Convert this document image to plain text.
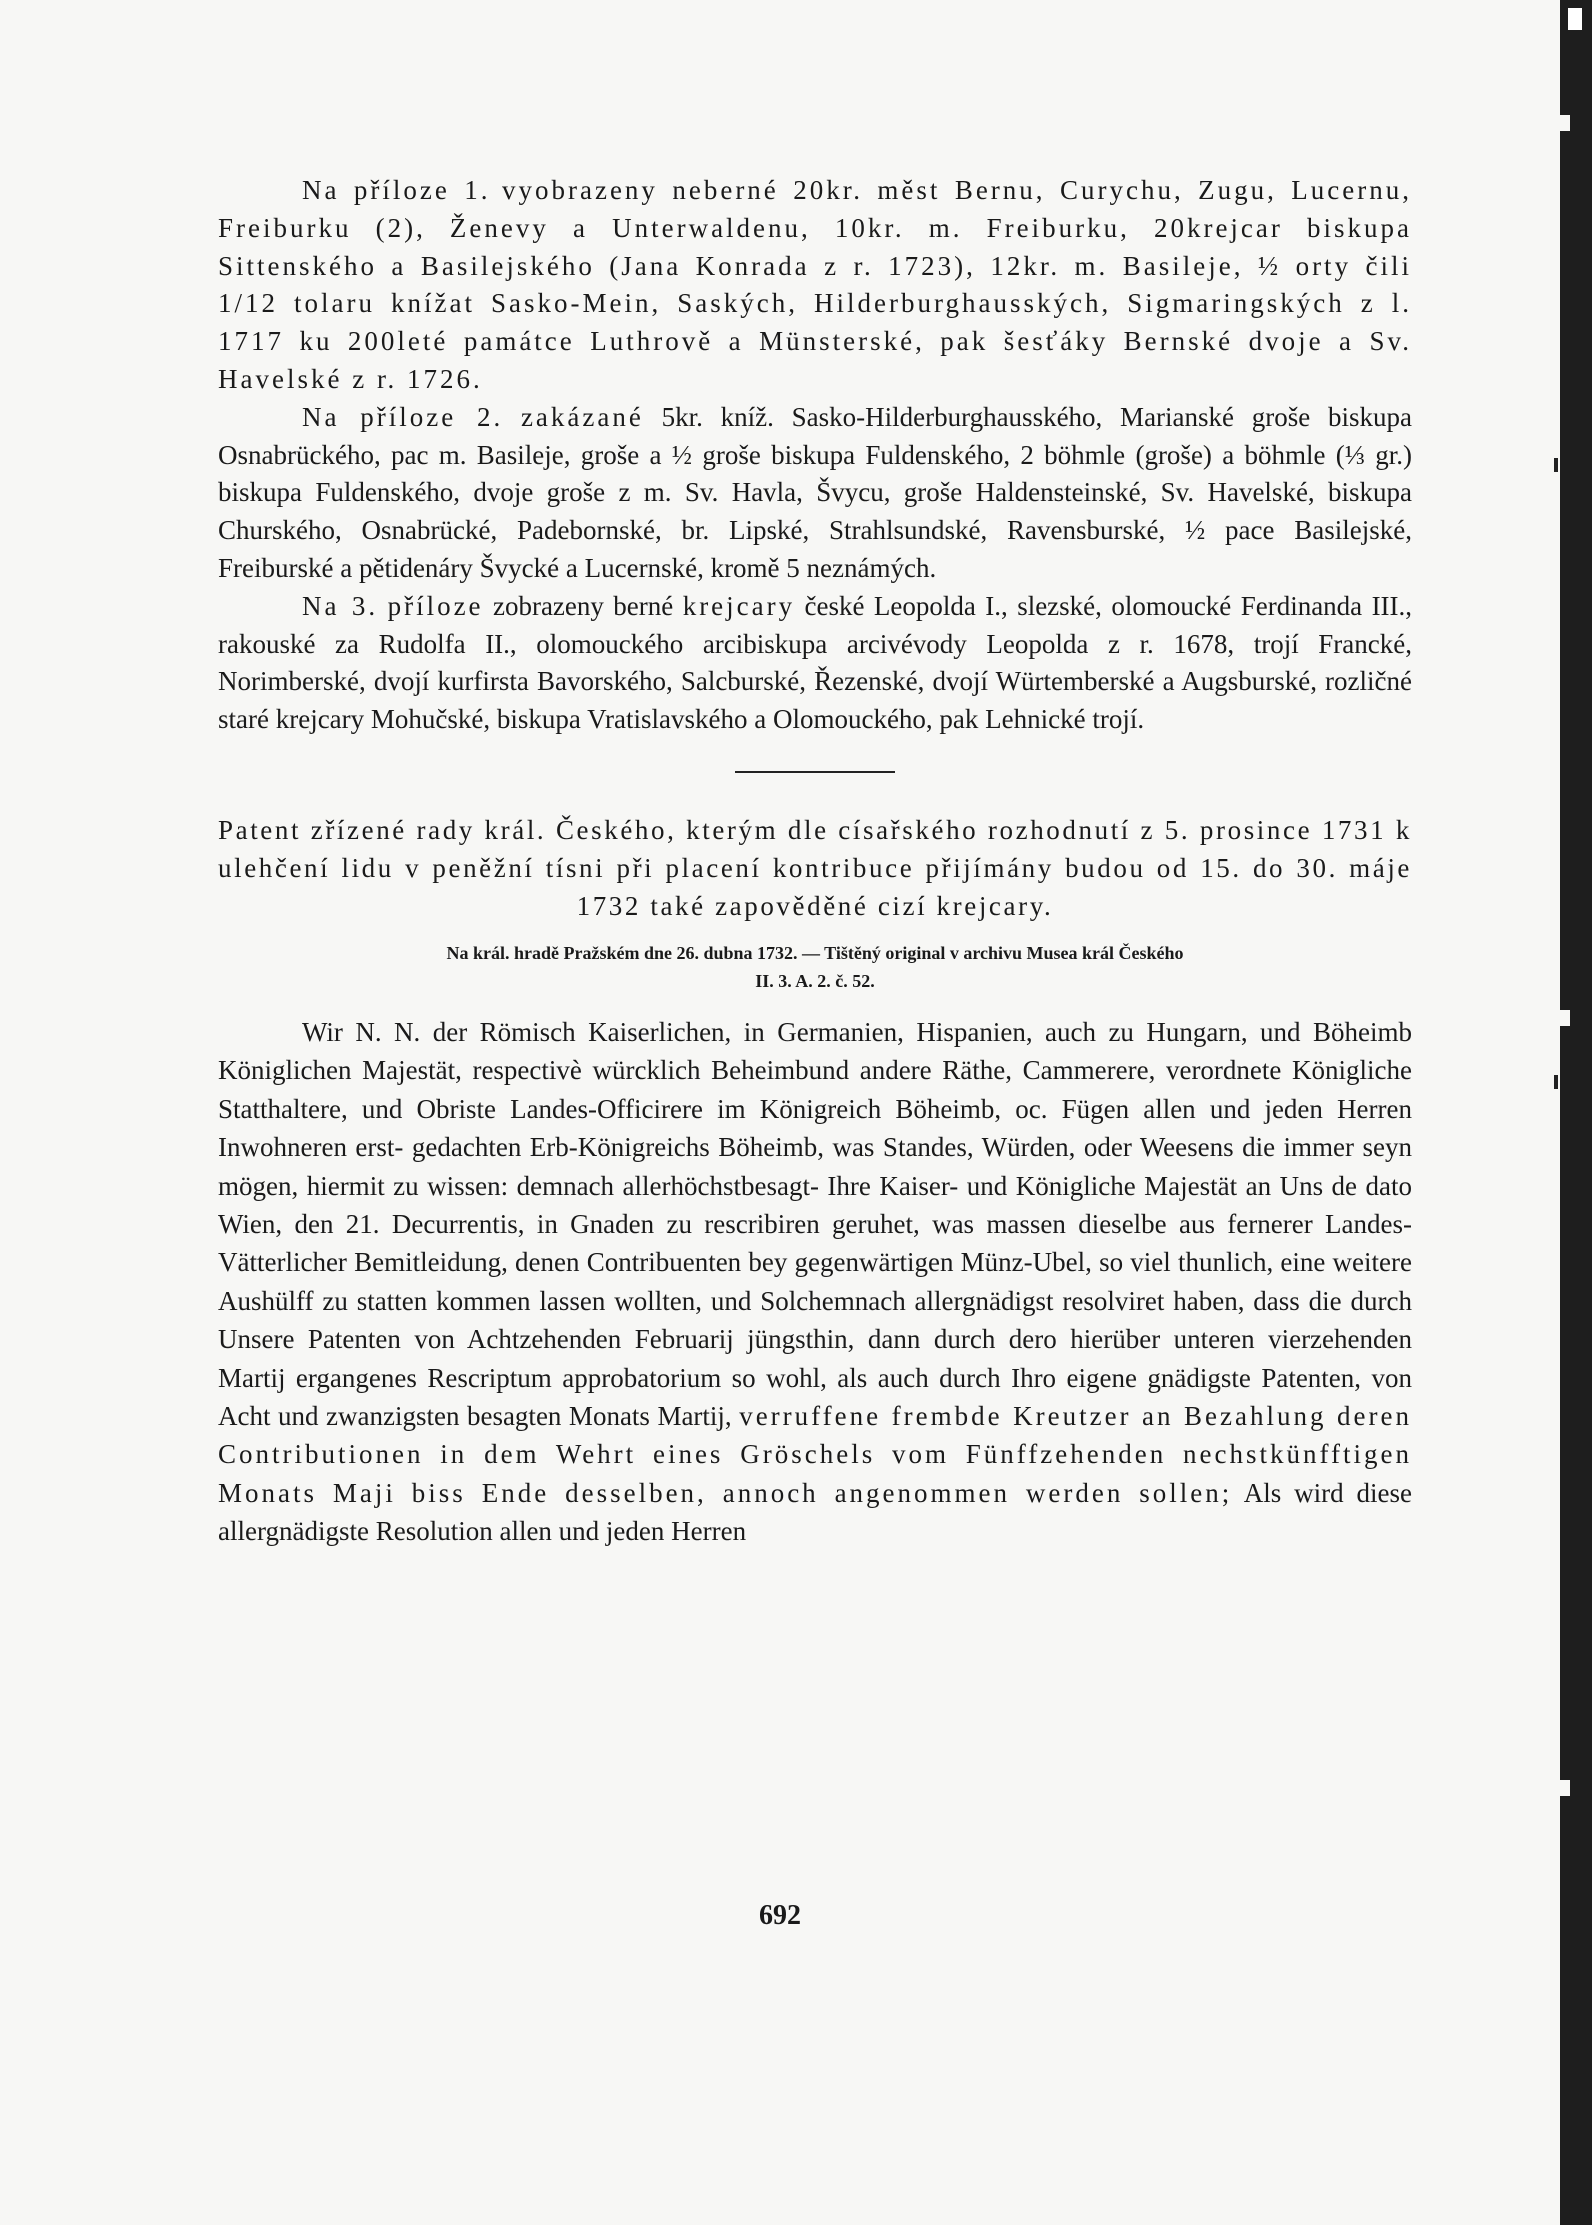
Na příloze 1. vyobrazeny neberné 20kr. měst Bernu, Curychu, Zugu, Lucernu, Freiburku (2), Ženevy a Unterwaldenu, 10kr. m. Freiburku, 20krejcar biskupa Sittenského a Basilejského (Jana Konrada z r. 1723), 12kr. m. Basileje, ½ orty čili 1/12 tolaru knížat Sasko-Mein, Saských, Hilderburghausských, Sigmaringských z l. 1717 ku 200leté památce Luthrově a Münsterské, pak šesťáky Bernské dvoje a Sv. Havelské z r. 1726.

Na příloze 2. zakázané 5kr. kníž. Sasko-Hilderburghausského, Marianské groše biskupa Osnabrückého, pac m. Basileje, groše a ½ groše biskupa Fuldenského, 2 böhmle (groše) a böhmle (⅓ gr.) biskupa Fuldenského, dvoje groše z m. Sv. Havla, Švycu, groše Haldensteinské, Sv. Havelské, biskupa Churského, Osnabrücké, Padebornské, br. Lipské, Strahlsundské, Ravensburské, ½ pace Basilejské, Freiburské a pětidenáry Švycké a Lucernské, kromě 5 neznámých.

Na 3. příloze zobrazeny berné krejcary české Leopolda I., slezské, olomoucké Ferdinanda III., rakouské za Rudolfa II., olomouckého arcibiskupa arcivévody Leopolda z r. 1678, trojí Francké, Norimberské, dvojí kurfirsta Bavorského, Salcburské, Řezenské, dvojí Würtemberské a Augsburské, rozličné staré krejcary Mohučské, biskupa Vratislavského a Olomouckého, pak Lehnické trojí.

Patent zřízené rady král. Českého, kterým dle císařského rozhodnutí z 5. prosince 1731 k ulehčení lidu v peněžní tísni při placení kontribuce přijímány budou od 15. do 30. máje 1732 také zapověděné cizí krejcary.

Na král. hradě Pražském dne 26. dubna 1732. — Tištěný original v archivu Musea král Českého
II. 3. A. 2. č. 52.

Wir N. N. der Römisch Kaiserlichen, in Germanien, Hispanien, auch zu Hungarn, und Böheimb Königlichen Majestät, respectivè würcklich Beheimbund andere Räthe, Cammerere, verordnete Königliche Statthaltere, und Obriste Landes-Officirere im Königreich Böheimb, oc. Fügen allen und jeden Herren Inwohneren erst- gedachten Erb-Königreichs Böheimb, was Standes, Würden, oder Weesens die immer seyn mögen, hiermit zu wissen: demnach allerhöchstbesagt- Ihre Kaiser- und Königliche Majestät an Uns de dato Wien, den 21. Decurrentis, in Gnaden zu rescribiren geruhet, was massen dieselbe aus fernerer Landes-Vätterlicher Bemitleidung, denen Contribuenten bey gegenwärtigen Münz-Ubel, so viel thunlich, eine weitere Aushülff zu statten kommen lassen wollten, und Solchemnach allergnädigst resolviret haben, dass die durch Unsere Patenten von Achtzehenden Februarij jüngsthin, dann durch dero hierüber unteren vierzehenden Martij ergangenes Rescriptum approbatorium so wohl, als auch durch Ihro eigene gnädigste Patenten, von Acht und zwanzigsten besagten Monats Martij, verruffene frembde Kreutzer an Bezahlung deren Contributionen in dem Wehrt eines Gröschels vom Fünffzehenden nechstkünfftigen Monats Maji biss Ende desselben, annoch angenommen werden sollen; Als wird diese allergnädigste Resolution allen und jeden Herren

692
